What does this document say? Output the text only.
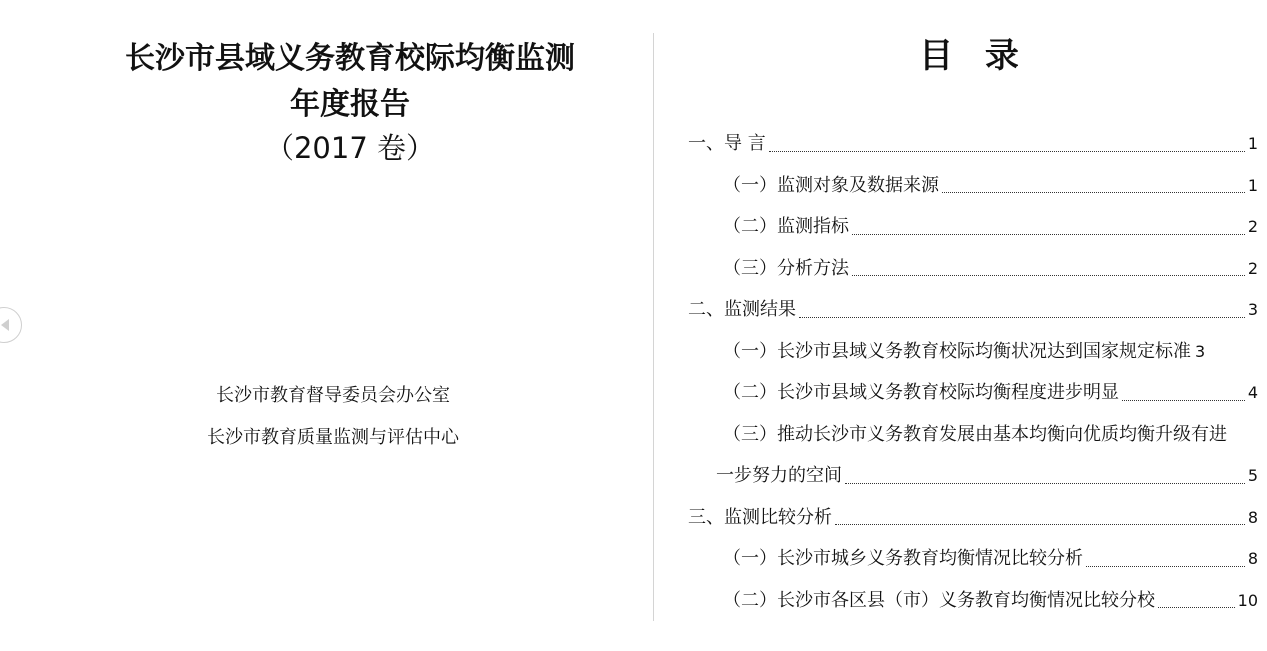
长沙市县域义务教育校际均衡监测
年度报告
（2017 卷）
长沙市教育督导委员会办公室
长沙市教育质量监测与评估中心
目 录
一、导 言	1
（一）监测对象及数据来源	1
（二）监测指标	2
（三）分析方法	2
二、监测结果	3
（一）长沙市县域义务教育校际均衡状况达到国家规定标准 3
（二）长沙市县域义务教育校际均衡程度进步明显	4
（三）推动长沙市义务教育发展由基本均衡向优质均衡升级有进
一步努力的空间	5
三、监测比较分析	8
（一）长沙市城乡义务教育均衡情况比较分析	8
（二）长沙市各区县（市）义务教育均衡情况比较分校	10
